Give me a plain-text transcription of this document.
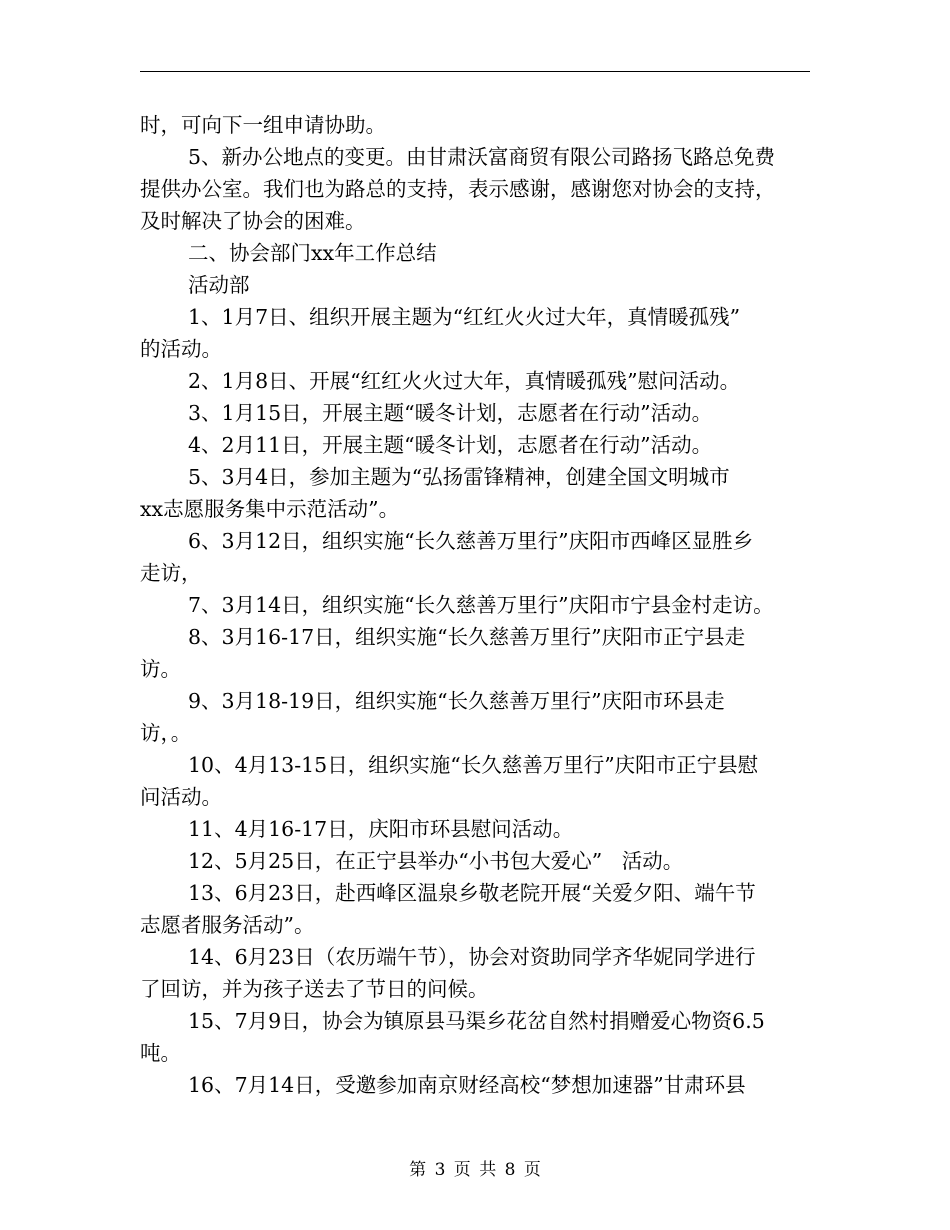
时，可向下一组申请协助。
5、新办公地点的变更。由甘肃沃富商贸有限公司路扬飞路总免费
提供办公室。我们也为路总的支持，表示感谢，感谢您对协会的支持，
及时解决了协会的困难。
二、协会部门xx年工作总结
活动部
1、1月7日、组织开展主题为“红红火火过大年，真情暖孤残”
的活动。
2、1月8日、开展“红红火火过大年，真情暖孤残”慰问活动。
3、1月15日，开展主题“暖冬计划，志愿者在行动”活动。
4、2月11日，开展主题“暖冬计划，志愿者在行动”活动。
5、3月4日，参加主题为“弘扬雷锋精神，创建全国文明城市
xx志愿服务集中示范活动”。
6、3月12日，组织实施“长久慈善万里行”庆阳市西峰区显胜乡
走访，
7、3月14日，组织实施“长久慈善万里行”庆阳市宁县金村走访。
8、3月16-17日，组织实施“长久慈善万里行”庆阳市正宁县走
访。
9、3月18-19日，组织实施“长久慈善万里行”庆阳市环县走
访，。
10、4月13-15日，组织实施“长久慈善万里行”庆阳市正宁县慰
问活动。
11、4月16-17日，庆阳市环县慰问活动。
12、5月25日，在正宁县举办“小书包大爱心”   活动。
13、6月23日，赴西峰区温泉乡敬老院开展“关爱夕阳、端午节
志愿者服务活动”。
14、6月23日（农历端午节），协会对资助同学齐华妮同学进行
了回访，并为孩子送去了节日的问候。
15、7月9日，协会为镇原县马渠乡花岔自然村捐赠爱心物资6.5
吨。
16、7月14日，受邀参加南京财经高校“梦想加速器”甘肃环县
第 3 页 共 8 页
